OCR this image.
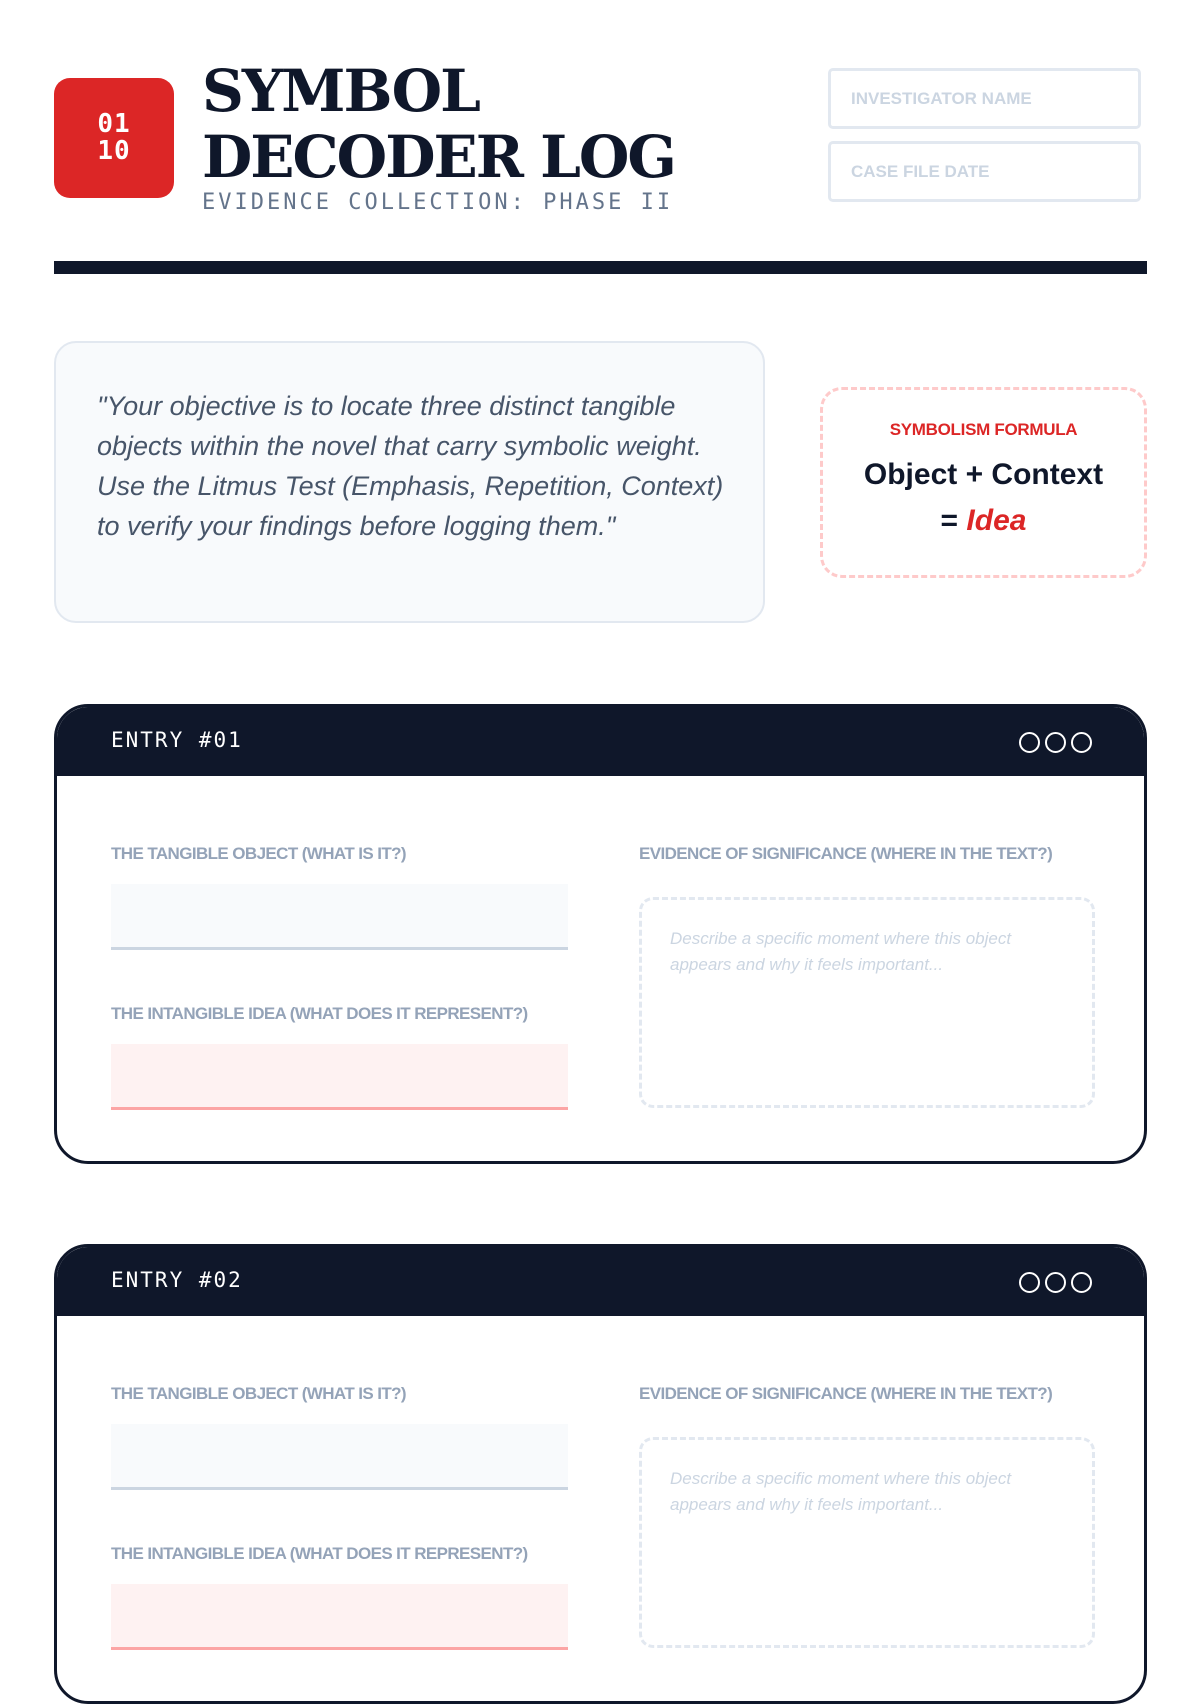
01
10
SYMBOL DECODER LOG
EVIDENCE COLLECTION: PHASE II
INVESTIGATOR NAME
CASE FILE DATE
"Your objective is to locate three distinct tangible objects within the novel that carry symbolic weight. Use the Litmus Test (Emphasis, Repetition, Context) to verify your findings before logging them."
SYMBOLISM FORMULA
Object + Context
= Idea
ENTRY #01
THE TANGIBLE OBJECT (WHAT IS IT?)
THE INTANGIBLE IDEA (WHAT DOES IT REPRESENT?)
EVIDENCE OF SIGNIFICANCE (WHERE IN THE TEXT?)
Describe a specific moment where this object appears and why it feels important...
ENTRY #02
THE TANGIBLE OBJECT (WHAT IS IT?)
THE INTANGIBLE IDEA (WHAT DOES IT REPRESENT?)
EVIDENCE OF SIGNIFICANCE (WHERE IN THE TEXT?)
Describe a specific moment where this object appears and why it feels important...
